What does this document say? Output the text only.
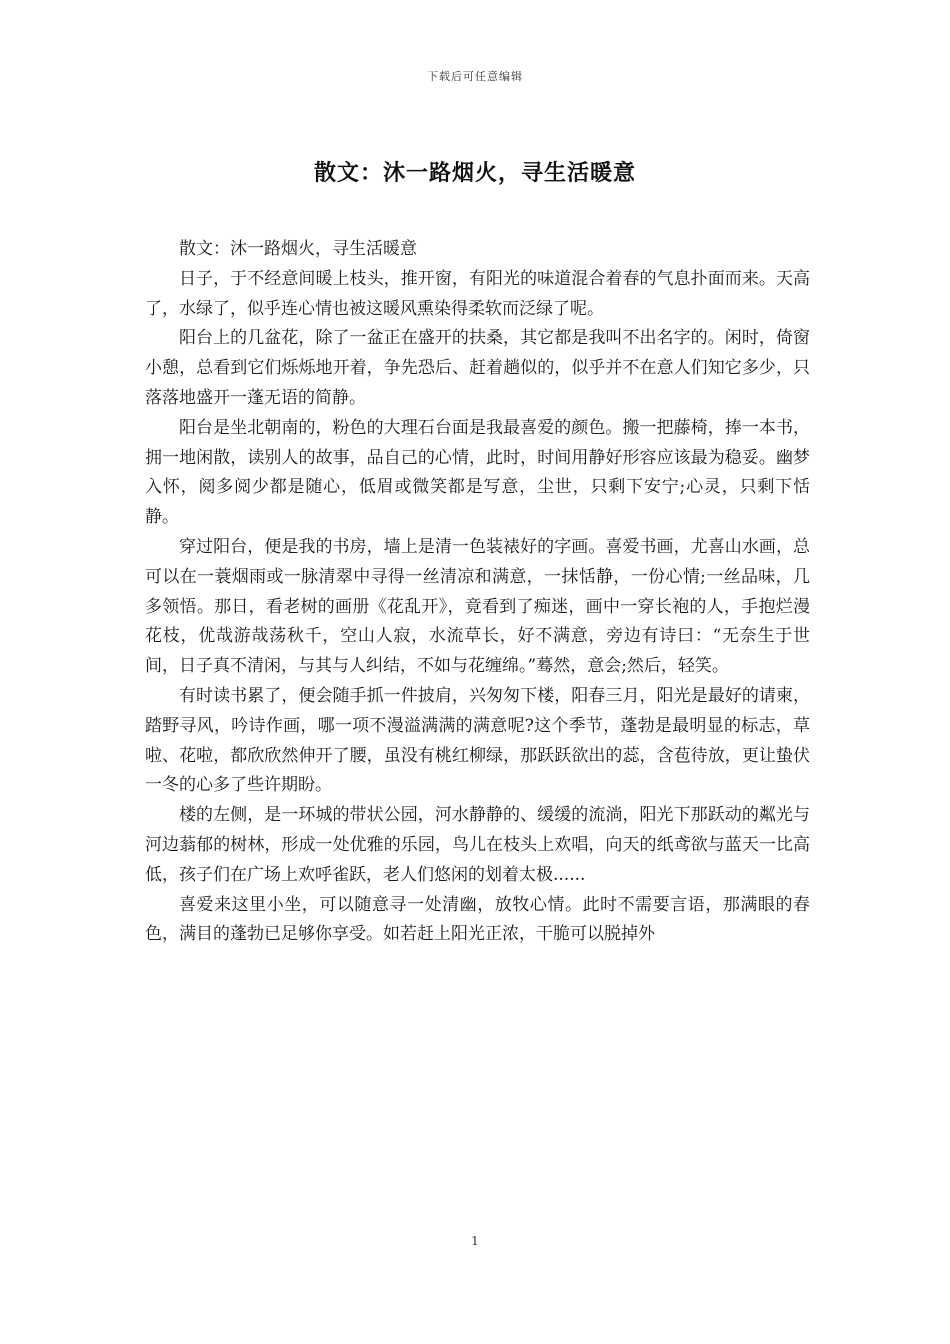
下载后可任意编辑
散文：沐一路烟火，寻生活暖意

散文：沐一路烟火，寻生活暖意

日子，于不经意间暖上枝头，推开窗，有阳光的味道混合着春的气息扑面而来。天高了，水绿了，似乎连心情也被这暖风熏染得柔软而泛绿了呢。

阳台上的几盆花，除了一盆正在盛开的扶桑，其它都是我叫不出名字的。闲时，倚窗小憩，总看到它们烁烁地开着，争先恐后、赶着趟似的，似乎并不在意人们知它多少，只落落地盛开一蓬无语的简静。

阳台是坐北朝南的，粉色的大理石台面是我最喜爱的颜色。搬一把藤椅，捧一本书，拥一地闲散，读别人的故事，品自己的心情，此时，时间用静好形容应该最为稳妥。幽梦入怀，阅多阅少都是随心，低眉或微笑都是写意，尘世，只剩下安宁;心灵，只剩下恬静。

穿过阳台，便是我的书房，墙上是清一色装裱好的字画。喜爱书画，尤喜山水画，总可以在一蓑烟雨或一脉清翠中寻得一丝清凉和满意，一抹恬静，一份心情;一丝品味，几多领悟。那日，看老树的画册《花乱开》，竟看到了痴迷，画中一穿长袍的人，手抱烂漫花枝，优哉游哉荡秋千，空山人寂，水流草长，好不满意，旁边有诗曰：“无奈生于世间，日子真不清闲，与其与人纠结，不如与花缠绵。”蓦然，意会;然后，轻笑。

有时读书累了，便会随手抓一件披肩，兴匆匆下楼，阳春三月，阳光是最好的请柬，踏野寻风，吟诗作画，哪一项不漫溢满满的满意呢?这个季节，蓬勃是最明显的标志，草啦、花啦，都欣欣然伸开了腰，虽没有桃红柳绿，那跃跃欲出的蕊，含苞待放，更让蛰伏一冬的心多了些许期盼。

楼的左侧，是一环城的带状公园，河水静静的、缓缓的流淌，阳光下那跃动的粼光与河边蓊郁的树林，形成一处优雅的乐园，鸟儿在枝头上欢唱，向天的纸鸢欲与蓝天一比高低，孩子们在广场上欢呼雀跃，老人们悠闲的划着太极......

喜爱来这里小坐，可以随意寻一处清幽，放牧心情。此时不需要言语，那满眼的春色，满目的蓬勃已足够你享受。如若赶上阳光正浓，干脆可以脱掉外

1
